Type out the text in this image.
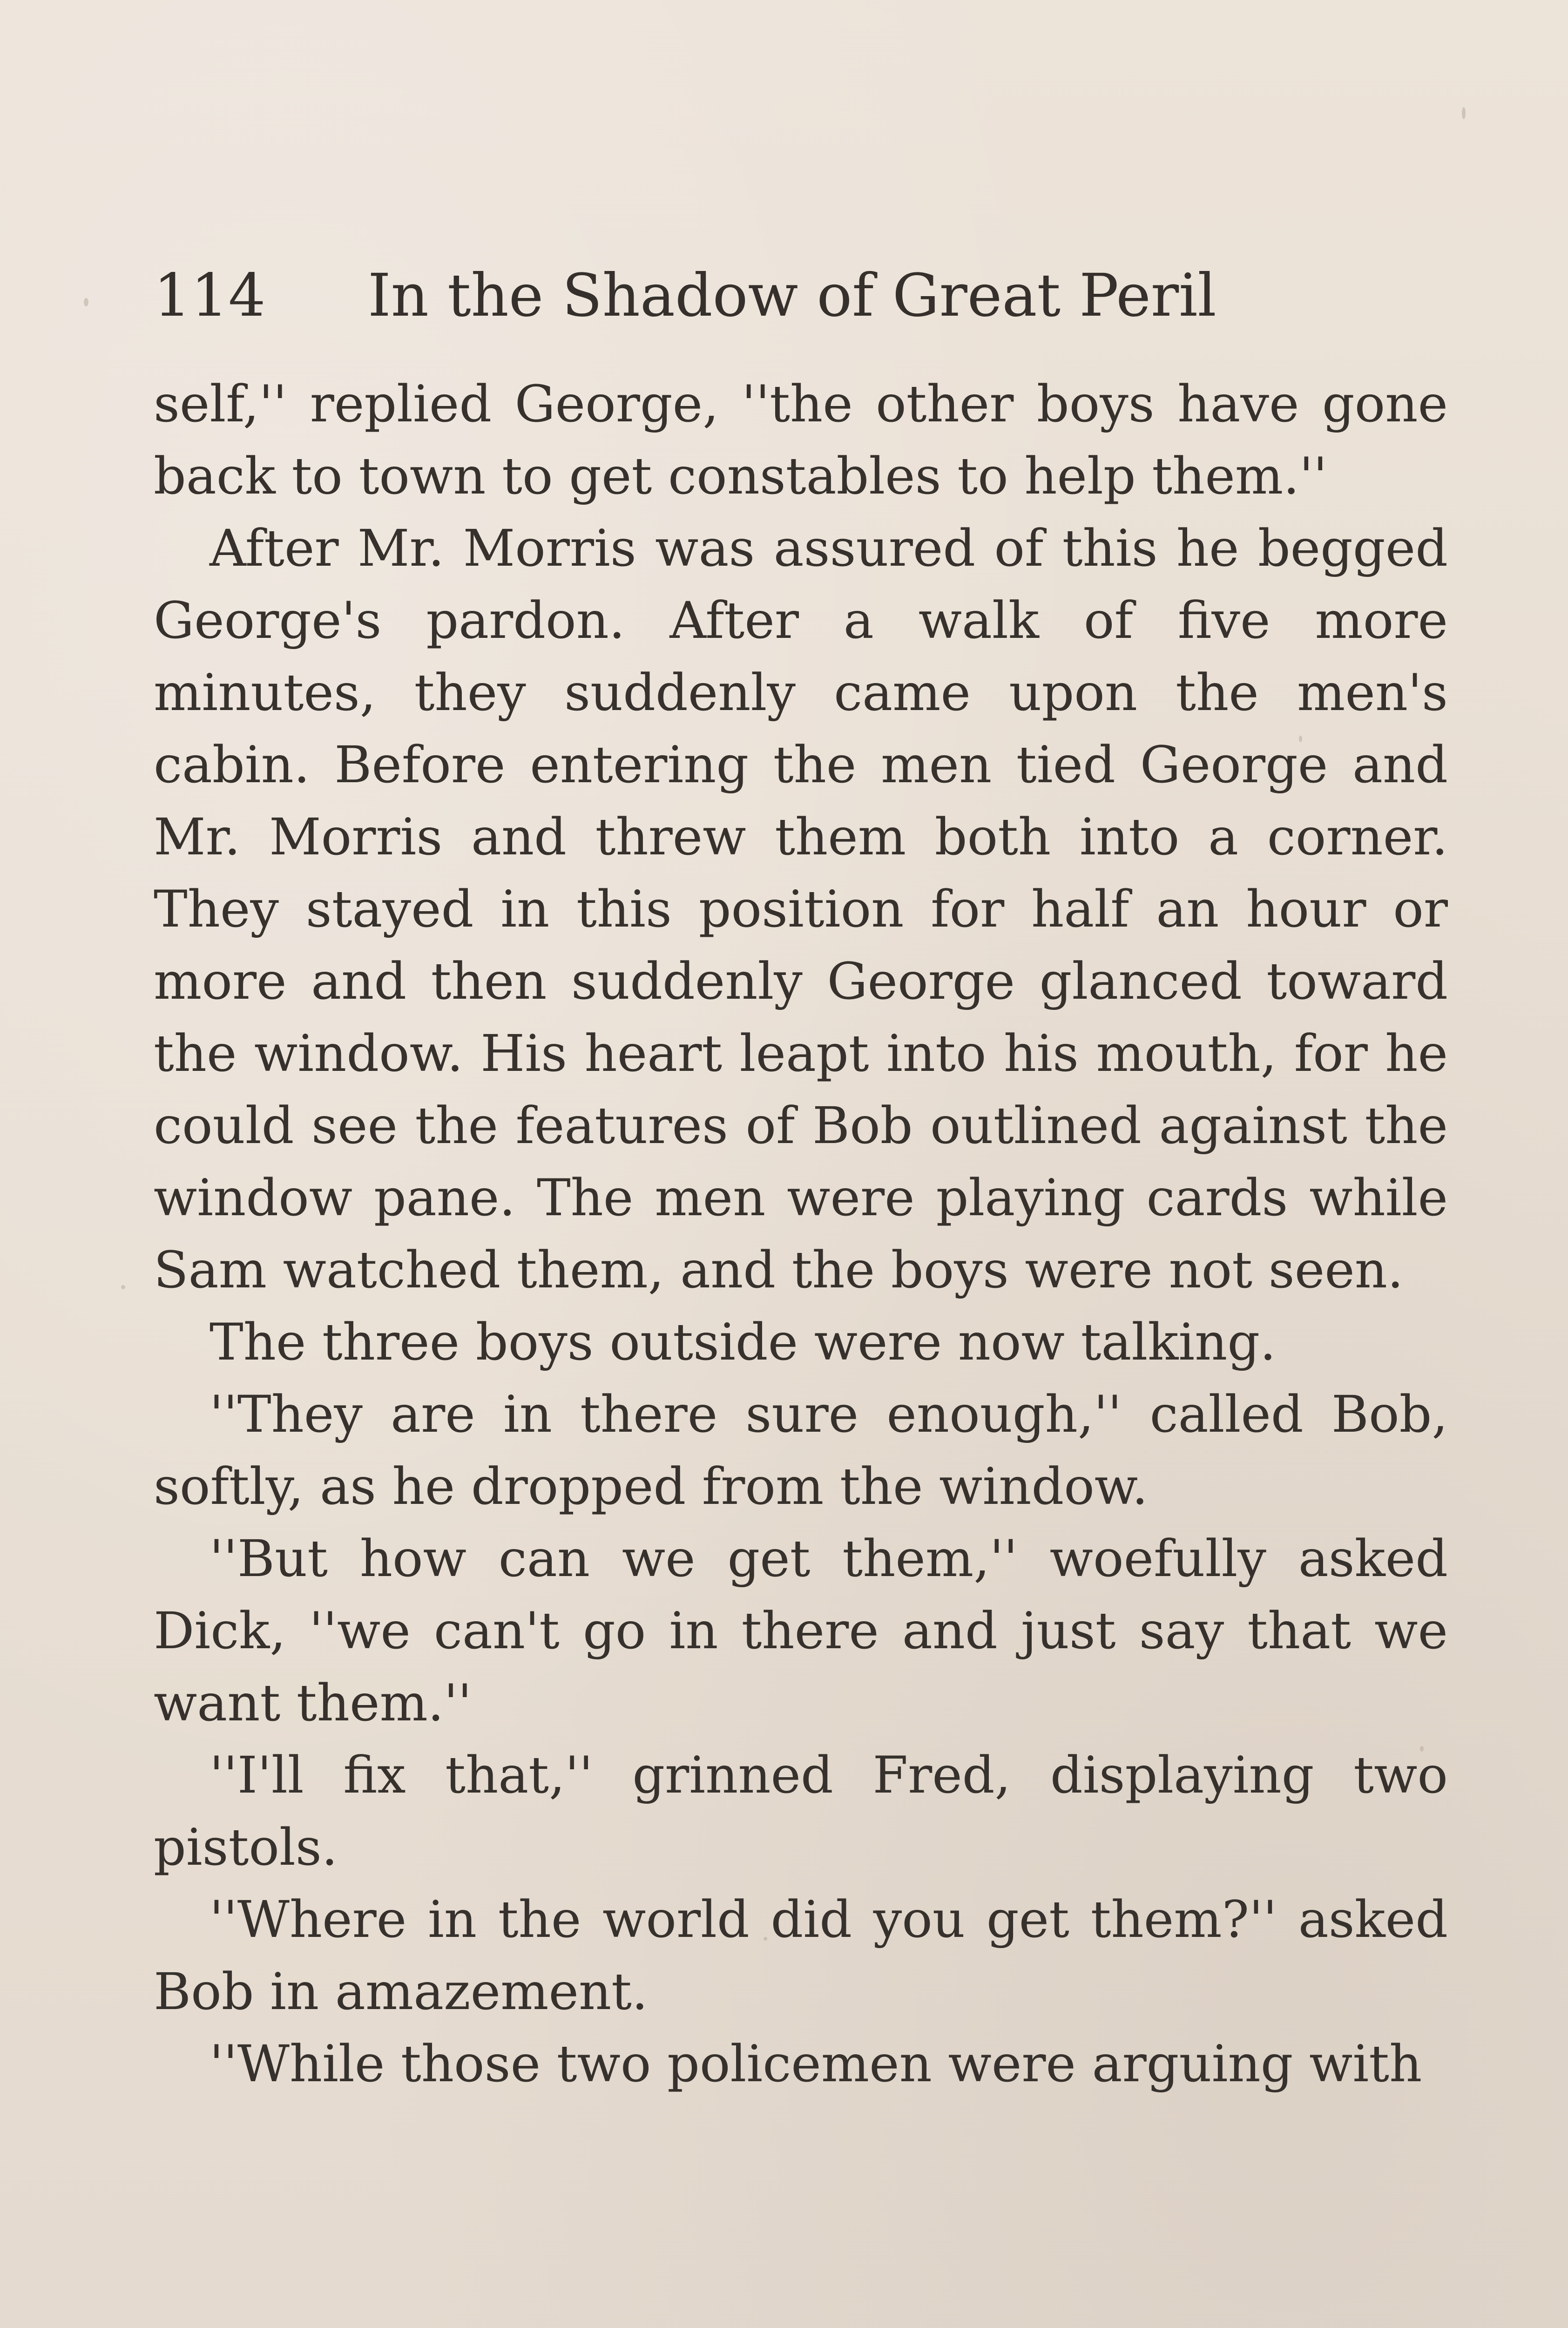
114 In the Shadow of Great Peril

self,'' replied George, ''the other boys have gone back to town to get constables to help them.''

After Mr. Morris was assured of this he begged George's pardon. After a walk of five more minutes, they suddenly came upon the men's cabin. Before entering the men tied George and Mr. Morris and threw them both into a corner. They stayed in this position for half an hour or more and then suddenly George glanced toward the window. His heart leapt into his mouth, for he could see the features of Bob outlined against the window pane. The men were playing cards while Sam watched them, and the boys were not seen.

The three boys outside were now talking.

''They are in there sure enough,'' called Bob, softly, as he dropped from the window.

''But how can we get them,'' woefully asked Dick, ''we can't go in there and just say that we want them.''

''I'll fix that,'' grinned Fred, displaying two pistols.

''Where in the world did you get them?'' asked Bob in amazement.

''While those two policemen were arguing with
